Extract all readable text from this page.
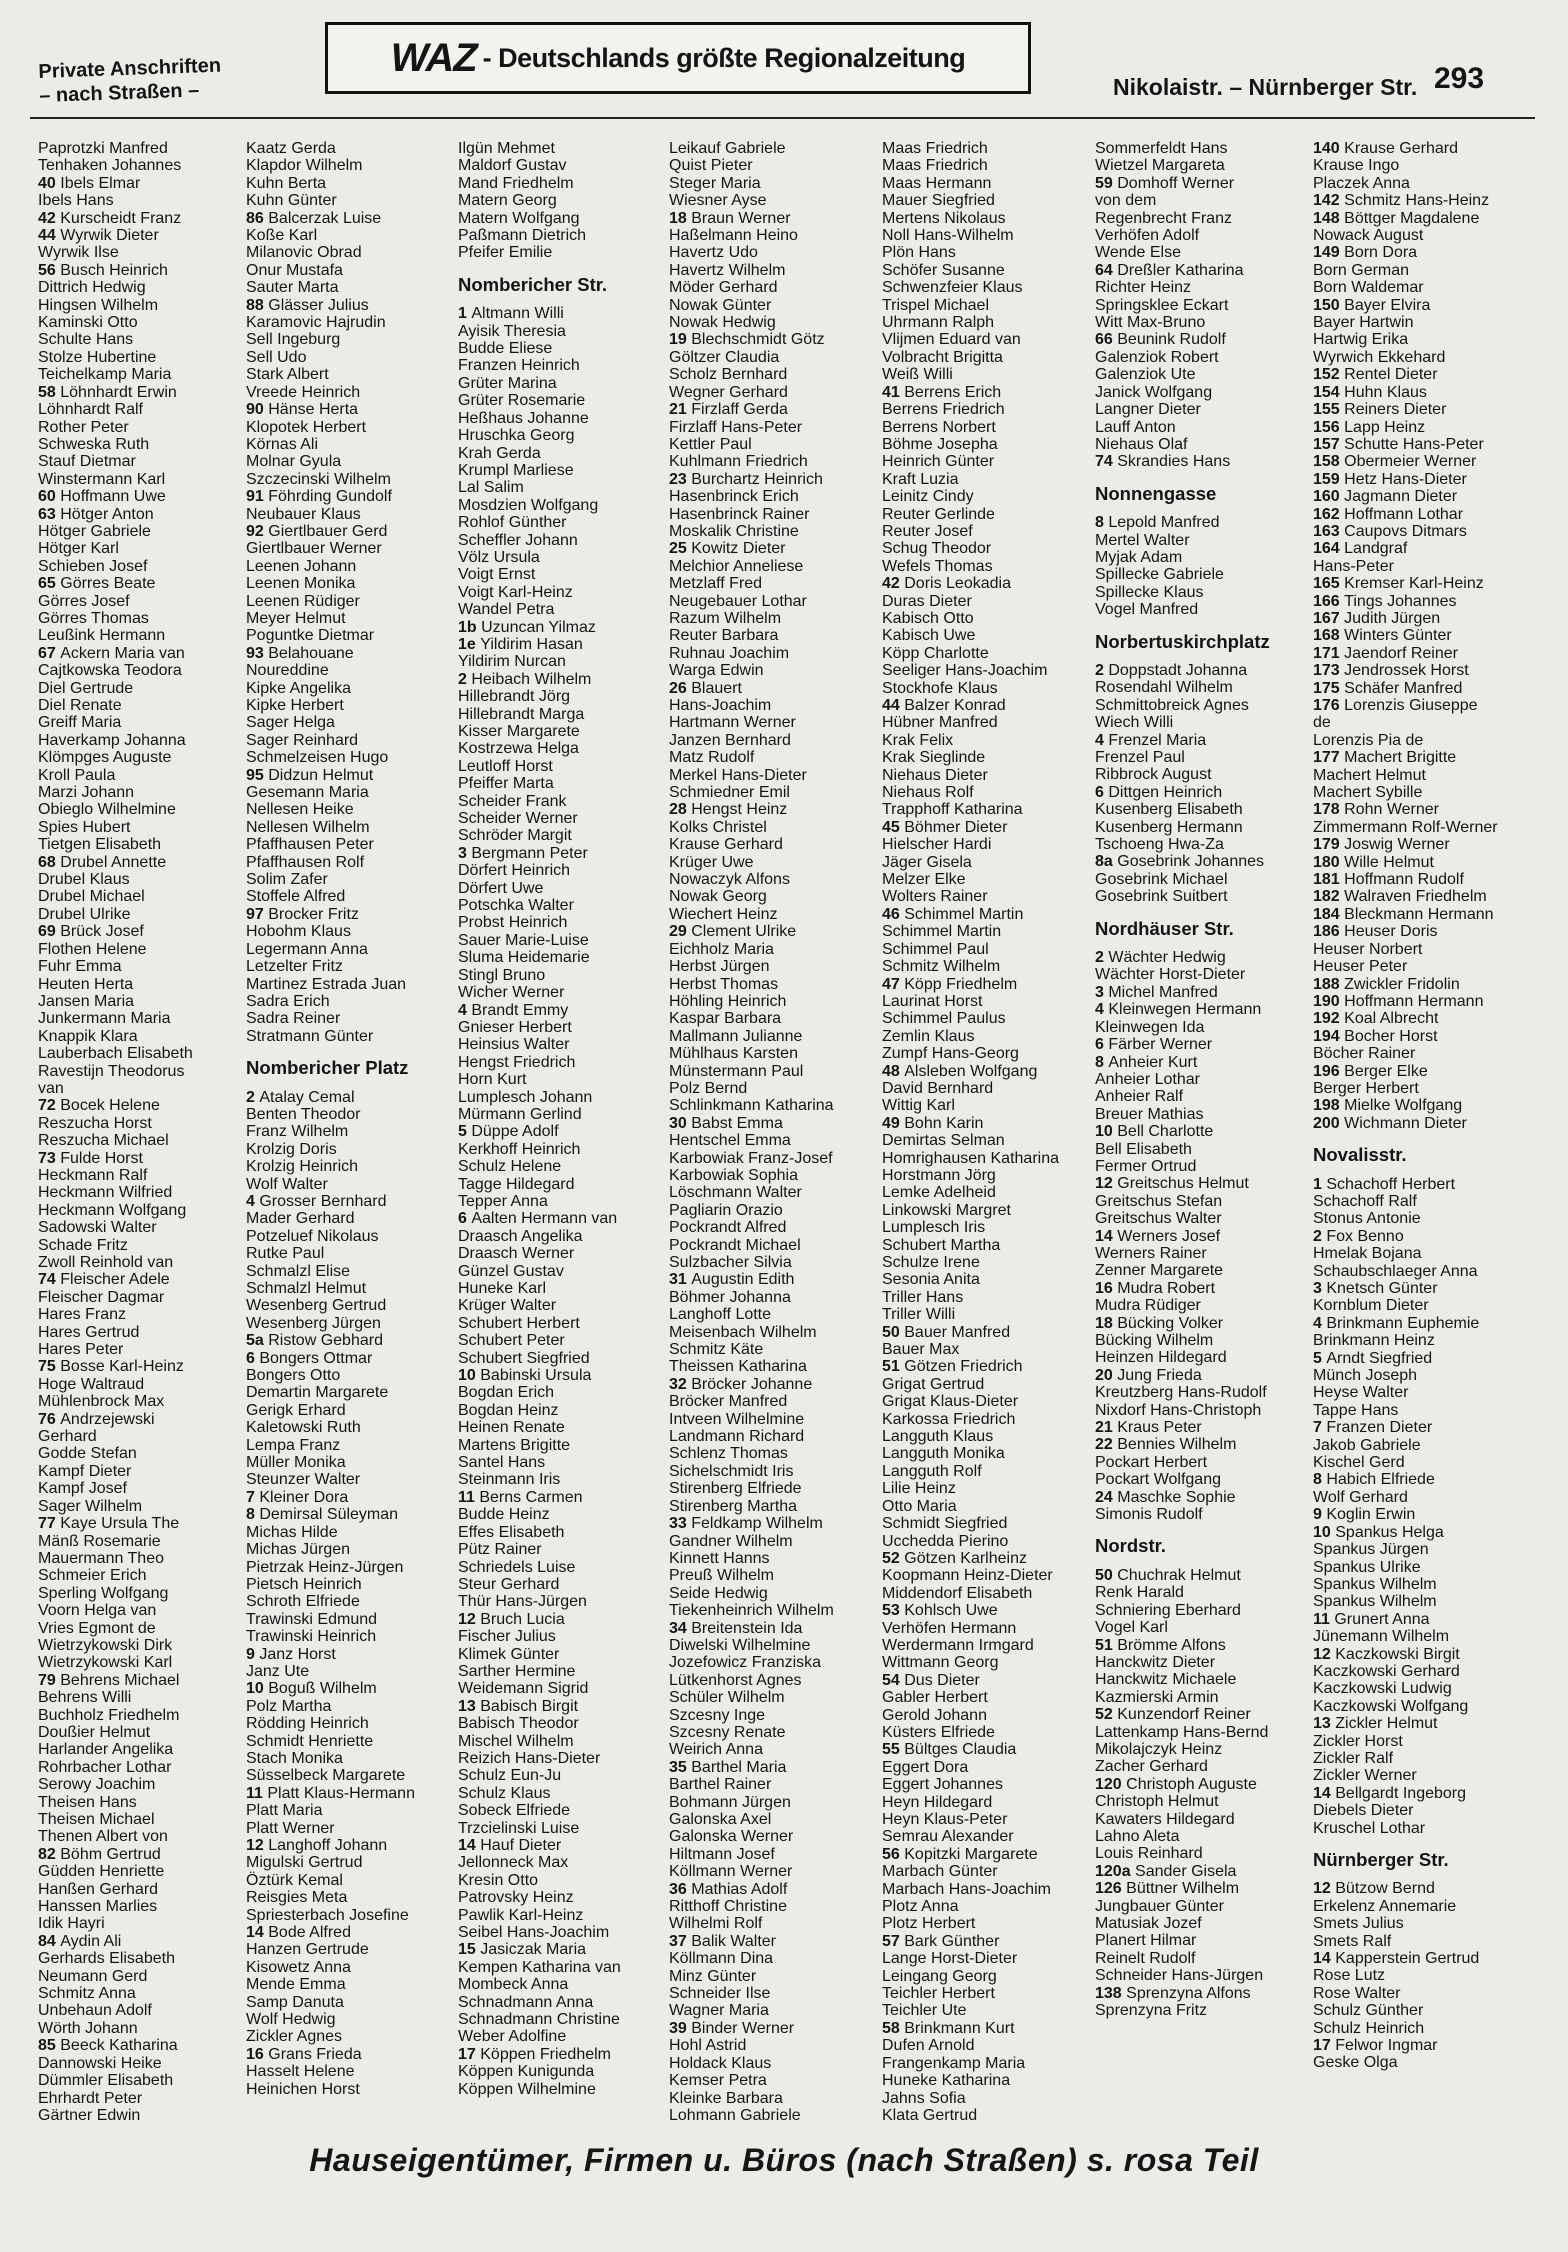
Private Anschriften
– nach Straßen –
WAZ - Deutschlands größte Regionalzeitung
Nikolaistr. – Nürnberger Str. 293
Paprotzki Manfred
Tenhaken Johannes
40 Ibels Elmar
Ibels Hans
42 Kurscheidt Franz
44 Wyrwik Dieter
Wyrwik Ilse
56 Busch Heinrich
Dittrich Hedwig
Hingsen Wilhelm
Kaminski Otto
Schulte Hans
Stolze Hubertine
Teichelkamp Maria
58 Löhnhardt Erwin
Löhnhardt Ralf
Rother Peter
Schweska Ruth
Stauf Dietmar
Winstermann Karl
60 Hoffmann Uwe
63 Hötger Anton
Hötger Gabriele
Hötger Karl
Schieben Josef
65 Görres Beate
Görres Josef
Görres Thomas
Leußink Hermann
67 Ackern Maria van
Cajtkowska Teodora
Diel Gertrude
Diel Renate
Greiff Maria
Haverkamp Johanna
Klömpges Auguste
Kroll Paula
Marzi Johann
Obieglo Wilhelmine
Spies Hubert
Tietgen Elisabeth
68 Drubel Annette
Drubel Klaus
Drubel Michael
Drubel Ulrike
69 Brück Josef
Flothen Helene
Fuhr Emma
Heuten Herta
Jansen Maria
Junkermann Maria
Knappik Klara
Lauberbach Elisabeth
Ravestijn Theodorus
van
72 Bocek Helene
Reszucha Horst
Reszucha Michael
73 Fulde Horst
Heckmann Ralf
Heckmann Wilfried
Heckmann Wolfgang
Sadowski Walter
Schade Fritz
Zwoll Reinhold van
74 Fleischer Adele
Fleischer Dagmar
Hares Franz
Hares Gertrud
Hares Peter
75 Bosse Karl-Heinz
Hoge Waltraud
Mühlenbrock Max
76 Andrzejewski
Gerhard
Godde Stefan
Kampf Dieter
Kampf Josef
Sager Wilhelm
77 Kaye Ursula The
Mänß Rosemarie
Mauermann Theo
Schmeier Erich
Sperling Wolfgang
Voorn Helga van
Vries Egmont de
Wietrzykowski Dirk
Wietrzykowski Karl
79 Behrens Michael
Behrens Willi
Buchholz Friedhelm
Doußier Helmut
Harlander Angelika
Rohrbacher Lothar
Serowy Joachim
Theisen Hans
Theisen Michael
Thenen Albert von
82 Böhm Gertrud
Güdden Henriette
Hanßen Gerhard
Hanssen Marlies
Idik Hayri
84 Aydin Ali
Gerhards Elisabeth
Neumann Gerd
Schmitz Anna
Unbehaun Adolf
Wörth Johann
85 Beeck Katharina
Dannowski Heike
Dümmler Elisabeth
Ehrhardt Peter
Gärtner Edwin
Kaatz Gerda
Klapdor Wilhelm
Kuhn Berta
Kuhn Günter
86 Balcerzak Luise
Koße Karl
Milanovic Obrad
Onur Mustafa
Sauter Marta
88 Glässer Julius
Karamovic Hajrudin
Sell Ingeburg
Sell Udo
Stark Albert
Vreede Heinrich
90 Hänse Herta
Klopotek Herbert
Körnas Ali
Molnar Gyula
Szczecinski Wilhelm
91 Föhrding Gundolf
Neubauer Klaus
92 Giertlbauer Gerd
Giertlbauer Werner
Leenen Johann
Leenen Monika
Leenen Rüdiger
Meyer Helmut
Poguntke Dietmar
93 Belahouane
Noureddine
Kipke Angelika
Kipke Herbert
Sager Helga
Sager Reinhard
Schmelzeisen Hugo
95 Didzun Helmut
Gesemann Maria
Nellesen Heike
Nellesen Wilhelm
Pfaffhausen Peter
Pfaffhausen Rolf
Solim Zafer
Stoffele Alfred
97 Brocker Fritz
Hobohm Klaus
Legermann Anna
Letzelter Fritz
Martinez Estrada Juan
Sadra Erich
Sadra Reiner
Stratmann Günter
Nombericher Platz
2 Atalay Cemal
Benten Theodor
Franz Wilhelm
Krolzig Doris
Krolzig Heinrich
Wolf Walter
4 Grosser Bernhard
Mader Gerhard
Potzeluef Nikolaus
Rutke Paul
Schmalzl Elise
Schmalzl Helmut
Wesenberg Gertrud
Wesenberg Jürgen
5a Ristow Gebhard
6 Bongers Ottmar
Bongers Otto
Demartin Margarete
Gerigk Erhard
Kaletowski Ruth
Lempa Franz
Müller Monika
Steunzer Walter
7 Kleiner Dora
8 Demirsal Süleyman
Michas Hilde
Michas Jürgen
Pietrzak Heinz-Jürgen
Pietsch Heinrich
Schroth Elfriede
Trawinski Edmund
Trawinski Heinrich
9 Janz Horst
Janz Ute
10 Boguß Wilhelm
Polz Martha
Rödding Heinrich
Schmidt Henriette
Stach Monika
Süsselbeck Margarete
11 Platt Klaus-Hermann
Platt Maria
Platt Werner
12 Langhoff Johann
Migulski Gertrud
Öztürk Kemal
Reisgies Meta
Spriesterbach Josefine
14 Bode Alfred
Hanzen Gertrude
Kisowetz Anna
Mende Emma
Samp Danuta
Wolf Hedwig
Zickler Agnes
16 Grans Frieda
Hasselt Helene
Heinichen Horst
Ilgün Mehmet
Maldorf Gustav
Mand Friedhelm
Matern Georg
Matern Wolfgang
Paßmann Dietrich
Pfeifer Emilie
Nombericher Str.
1 Altmann Willi
Ayisik Theresia
Budde Eliese
Franzen Heinrich
Grüter Marina
Grüter Rosemarie
Heßhaus Johanne
Hruschka Georg
Krah Gerda
Krumpl Marliese
Lal Salim
Mosdzien Wolfgang
Rohlof Günther
Scheffler Johann
Völz Ursula
Voigt Ernst
Voigt Karl-Heinz
Wandel Petra
1b Uzuncan Yilmaz
1e Yildirim Hasan
Yildirim Nurcan
2 Heibach Wilhelm
Hillebrandt Jörg
Hillebrandt Marga
Kisser Margarete
Kostrzewa Helga
Leutloff Horst
Pfeiffer Marta
Scheider Frank
Scheider Werner
Schröder Margit
3 Bergmann Peter
Dörfert Heinrich
Dörfert Uwe
Potschka Walter
Probst Heinrich
Sauer Marie-Luise
Sluma Heidemarie
Stingl Bruno
Wicher Werner
4 Brandt Emmy
Gnieser Herbert
Heinsius Walter
Hengst Friedrich
Horn Kurt
Lumplesch Johann
Mürmann Gerlind
5 Düppe Adolf
Kerkhoff Heinrich
Schulz Helene
Tagge Hildegard
Tepper Anna
6 Aalten Hermann van
Draasch Angelika
Draasch Werner
Günzel Gustav
Huneke Karl
Krüger Walter
Schubert Herbert
Schubert Peter
Schubert Siegfried
10 Babinski Ursula
Bogdan Erich
Bogdan Heinz
Heinen Renate
Martens Brigitte
Santel Hans
Steinmann Iris
11 Berns Carmen
Budde Heinz
Effes Elisabeth
Pütz Rainer
Schriedels Luise
Steur Gerhard
Thür Hans-Jürgen
12 Bruch Lucia
Fischer Julius
Klimek Günter
Sarther Hermine
Weidemann Sigrid
13 Babisch Birgit
Babisch Theodor
Mischel Wilhelm
Reizich Hans-Dieter
Schulz Eun-Ju
Schulz Klaus
Sobeck Elfriede
Trzcielinski Luise
14 Hauf Dieter
Jellonneck Max
Kresin Otto
Patrovsky Heinz
Pawlik Karl-Heinz
Seibel Hans-Joachim
15 Jasiczak Maria
Kempen Katharina van
Mombeck Anna
Schnadmann Anna
Schnadmann Christine
Weber Adolfine
17 Köppen Friedhelm
Köppen Kunigunda
Köppen Wilhelmine
Leikauf Gabriele
Quist Pieter
Steger Maria
Wiesner Ayse
18 Braun Werner
Haßelmann Heino
Havertz Udo
Havertz Wilhelm
Möder Gerhard
Nowak Günter
Nowak Hedwig
19 Blechschmidt Götz
Göltzer Claudia
Scholz Bernhard
Wegner Gerhard
21 Firzlaff Gerda
Firzlaff Hans-Peter
Kettler Paul
Kuhlmann Friedrich
23 Burchartz Heinrich
Hasenbrinck Erich
Hasenbrinck Rainer
Moskalik Christine
25 Kowitz Dieter
Melchior Anneliese
Metzlaff Fred
Neugebauer Lothar
Razum Wilhelm
Reuter Barbara
Ruhnau Joachim
Warga Edwin
26 Blauert
Hans-Joachim
Hartmann Werner
Janzen Bernhard
Matz Rudolf
Merkel Hans-Dieter
Schmiedner Emil
28 Hengst Heinz
Kolks Christel
Krause Gerhard
Krüger Uwe
Nowaczyk Alfons
Nowak Georg
Wiechert Heinz
29 Clement Ulrike
Eichholz Maria
Herbst Jürgen
Herbst Thomas
Höhling Heinrich
Kaspar Barbara
Mallmann Julianne
Mühlhaus Karsten
Münstermann Paul
Polz Bernd
Schlinkmann Katharina
30 Babst Emma
Hentschel Emma
Karbowiak Franz-Josef
Karbowiak Sophia
Löschmann Walter
Pagliarin Orazio
Pockrandt Alfred
Pockrandt Michael
Sulzbacher Silvia
31 Augustin Edith
Böhmer Johanna
Langhoff Lotte
Meisenbach Wilhelm
Schmitz Käte
Theissen Katharina
32 Bröcker Johanne
Bröcker Manfred
Intveen Wilhelmine
Landmann Richard
Schlenz Thomas
Sichelschmidt Iris
Stirenberg Elfriede
Stirenberg Martha
33 Feldkamp Wilhelm
Gandner Wilhelm
Kinnett Hanns
Preuß Wilhelm
Seide Hedwig
Tiekenheinrich Wilhelm
34 Breitenstein Ida
Diwelski Wilhelmine
Jozefowicz Franziska
Lütkenhorst Agnes
Schüler Wilhelm
Szcesny Inge
Szcesny Renate
Weirich Anna
35 Barthel Maria
Barthel Rainer
Bohmann Jürgen
Galonska Axel
Galonska Werner
Hiltmann Josef
Köllmann Werner
36 Mathias Adolf
Ritthoff Christine
Wilhelmi Rolf
37 Balik Walter
Köllmann Dina
Minz Günter
Schneider Ilse
Wagner Maria
39 Binder Werner
Hohl Astrid
Holdack Klaus
Kemser Petra
Kleinke Barbara
Lohmann Gabriele
Maas Friedrich
Maas Friedrich
Maas Hermann
Mauer Siegfried
Mertens Nikolaus
Noll Hans-Wilhelm
Plön Hans
Schöfer Susanne
Schwenzfeier Klaus
Trispel Michael
Uhrmann Ralph
Vlijmen Eduard van
Volbracht Brigitta
Weiß Willi
41 Berrens Erich
Berrens Friedrich
Berrens Norbert
Böhme Josepha
Heinrich Günter
Kraft Luzia
Leinitz Cindy
Reuter Gerlinde
Reuter Josef
Schug Theodor
Wefels Thomas
42 Doris Leokadia
Duras Dieter
Kabisch Otto
Kabisch Uwe
Köpp Charlotte
Seeliger Hans-Joachim
Stockhofe Klaus
44 Balzer Konrad
Hübner Manfred
Krak Felix
Krak Sieglinde
Niehaus Dieter
Niehaus Rolf
Trapphoff Katharina
45 Böhmer Dieter
Hielscher Hardi
Jäger Gisela
Melzer Elke
Wolters Rainer
46 Schimmel Martin
Schimmel Martin
Schimmel Paul
Schmitz Wilhelm
47 Köpp Friedhelm
Laurinat Horst
Schimmel Paulus
Zemlin Klaus
Zumpf Hans-Georg
48 Alsleben Wolfgang
David Bernhard
Wittig Karl
49 Bohn Karin
Demirtas Selman
Homrighausen Katharina
Horstmann Jörg
Lemke Adelheid
Linkowski Margret
Lumplesch Iris
Schubert Martha
Schulze Irene
Sesonia Anita
Triller Hans
Triller Willi
50 Bauer Manfred
Bauer Max
51 Götzen Friedrich
Grigat Gertrud
Grigat Klaus-Dieter
Karkossa Friedrich
Langguth Klaus
Langguth Monika
Langguth Rolf
Lilie Heinz
Otto Maria
Schmidt Siegfried
Ucchedda Pierino
52 Götzen Karlheinz
Koopmann Heinz-Dieter
Middendorf Elisabeth
53 Kohlsch Uwe
Verhöfen Hermann
Werdermann Irmgard
Wittmann Georg
54 Dus Dieter
Gabler Herbert
Gerold Johann
Küsters Elfriede
55 Bültges Claudia
Eggert Dora
Eggert Johannes
Heyn Hildegard
Heyn Klaus-Peter
Semrau Alexander
56 Kopitzki Margarete
Marbach Günter
Marbach Hans-Joachim
Plotz Anna
Plotz Herbert
57 Bark Günther
Lange Horst-Dieter
Leingang Georg
Teichler Herbert
Teichler Ute
58 Brinkmann Kurt
Dufen Arnold
Frangenkamp Maria
Huneke Katharina
Jahns Sofia
Klata Gertrud
Sommerfeldt Hans
Wietzel Margareta
59 Domhoff Werner
von dem
Regenbrecht Franz
Verhöfen Adolf
Wende Else
64 Dreßler Katharina
Richter Heinz
Springsklee Eckart
Witt Max-Bruno
66 Beunink Rudolf
Galenziok Robert
Galenziok Ute
Janick Wolfgang
Langner Dieter
Lauff Anton
Niehaus Olaf
74 Skrandies Hans
Nonnengasse
8 Lepold Manfred
Mertel Walter
Myjak Adam
Spillecke Gabriele
Spillecke Klaus
Vogel Manfred
Norbertuskirchplatz
2 Doppstadt Johanna
Rosendahl Wilhelm
Schmittobreick Agnes
Wiech Willi
4 Frenzel Maria
Frenzel Paul
Ribbrock August
6 Dittgen Heinrich
Kusenberg Elisabeth
Kusenberg Hermann
Tschoeng Hwa-Za
8a Gosebrink Johannes
Gosebrink Michael
Gosebrink Suitbert
Nordhäuser Str.
2 Wächter Hedwig
Wächter Horst-Dieter
3 Michel Manfred
4 Kleinwegen Hermann
Kleinwegen Ida
6 Färber Werner
8 Anheier Kurt
Anheier Lothar
Anheier Ralf
Breuer Mathias
10 Bell Charlotte
Bell Elisabeth
Fermer Ortrud
12 Greitschus Helmut
Greitschus Stefan
Greitschus Walter
14 Werners Josef
Werners Rainer
Zenner Margarete
16 Mudra Robert
Mudra Rüdiger
18 Bücking Volker
Bücking Wilhelm
Heinzen Hildegard
20 Jung Frieda
Kreutzberg Hans-Rudolf
Nixdorf Hans-Christoph
21 Kraus Peter
22 Bennies Wilhelm
Pockart Herbert
Pockart Wolfgang
24 Maschke Sophie
Simonis Rudolf
Nordstr.
50 Chuchrak Helmut
Renk Harald
Schniering Eberhard
Vogel Karl
51 Brömme Alfons
Hanckwitz Dieter
Hanckwitz Michaele
Kazmierski Armin
52 Kunzendorf Reiner
Lattenkamp Hans-Bernd
Mikolajczyk Heinz
Zacher Gerhard
120 Christoph Auguste
Christoph Helmut
Kawaters Hildegard
Lahno Aleta
Louis Reinhard
120a Sander Gisela
126 Büttner Wilhelm
Jungbauer Günter
Matusiak Jozef
Planert Hilmar
Reinelt Rudolf
Schneider Hans-Jürgen
138 Sprenzyna Alfons
Sprenzyna Fritz
140 Krause Gerhard
Krause Ingo
Placzek Anna
142 Schmitz Hans-Heinz
148 Böttger Magdalene
Nowack August
149 Born Dora
Born German
Born Waldemar
150 Bayer Elvira
Bayer Hartwin
Hartwig Erika
Wyrwich Ekkehard
152 Rentel Dieter
154 Huhn Klaus
155 Reiners Dieter
156 Lapp Heinz
157 Schutte Hans-Peter
158 Obermeier Werner
159 Hetz Hans-Dieter
160 Jagmann Dieter
162 Hoffmann Lothar
163 Caupovs Ditmars
164 Landgraf
Hans-Peter
165 Kremser Karl-Heinz
166 Tings Johannes
167 Judith Jürgen
168 Winters Günter
171 Jaendorf Reiner
173 Jendrossek Horst
175 Schäfer Manfred
176 Lorenzis Giuseppe
de
Lorenzis Pia de
177 Machert Brigitte
Machert Helmut
Machert Sybille
178 Rohn Werner
Zimmermann Rolf-Werner
179 Joswig Werner
180 Wille Helmut
181 Hoffmann Rudolf
182 Walraven Friedhelm
184 Bleckmann Hermann
186 Heuser Doris
Heuser Norbert
Heuser Peter
188 Zwickler Fridolin
190 Hoffmann Hermann
192 Koal Albrecht
194 Bocher Horst
Böcher Rainer
196 Berger Elke
Berger Herbert
198 Mielke Wolfgang
200 Wichmann Dieter
Novalisstr.
1 Schachoff Herbert
Schachoff Ralf
Stonus Antonie
2 Fox Benno
Hmelak Bojana
Schaubschlaeger Anna
3 Knetsch Günter
Kornblum Dieter
4 Brinkmann Euphemie
Brinkmann Heinz
5 Arndt Siegfried
Münch Joseph
Heyse Walter
Tappe Hans
7 Franzen Dieter
Jakob Gabriele
Kischel Gerd
8 Habich Elfriede
Wolf Gerhard
9 Koglin Erwin
10 Spankus Helga
Spankus Jürgen
Spankus Ulrike
Spankus Wilhelm
Spankus Wilhelm
11 Grunert Anna
Jünemann Wilhelm
12 Kaczkowski Birgit
Kaczkowski Gerhard
Kaczkowski Ludwig
Kaczkowski Wolfgang
13 Zickler Helmut
Zickler Horst
Zickler Ralf
Zickler Werner
14 Bellgardt Ingeborg
Diebels Dieter
Kruschel Lothar
Nürnberger Str.
12 Bützow Bernd
Erkelenz Annemarie
Smets Julius
Smets Ralf
14 Kapperstein Gertrud
Rose Lutz
Rose Walter
Schulz Günther
Schulz Heinrich
17 Felwor Ingmar
Geske Olga
Hauseigentümer, Firmen u. Büros (nach Straßen) s. rosa Teil
